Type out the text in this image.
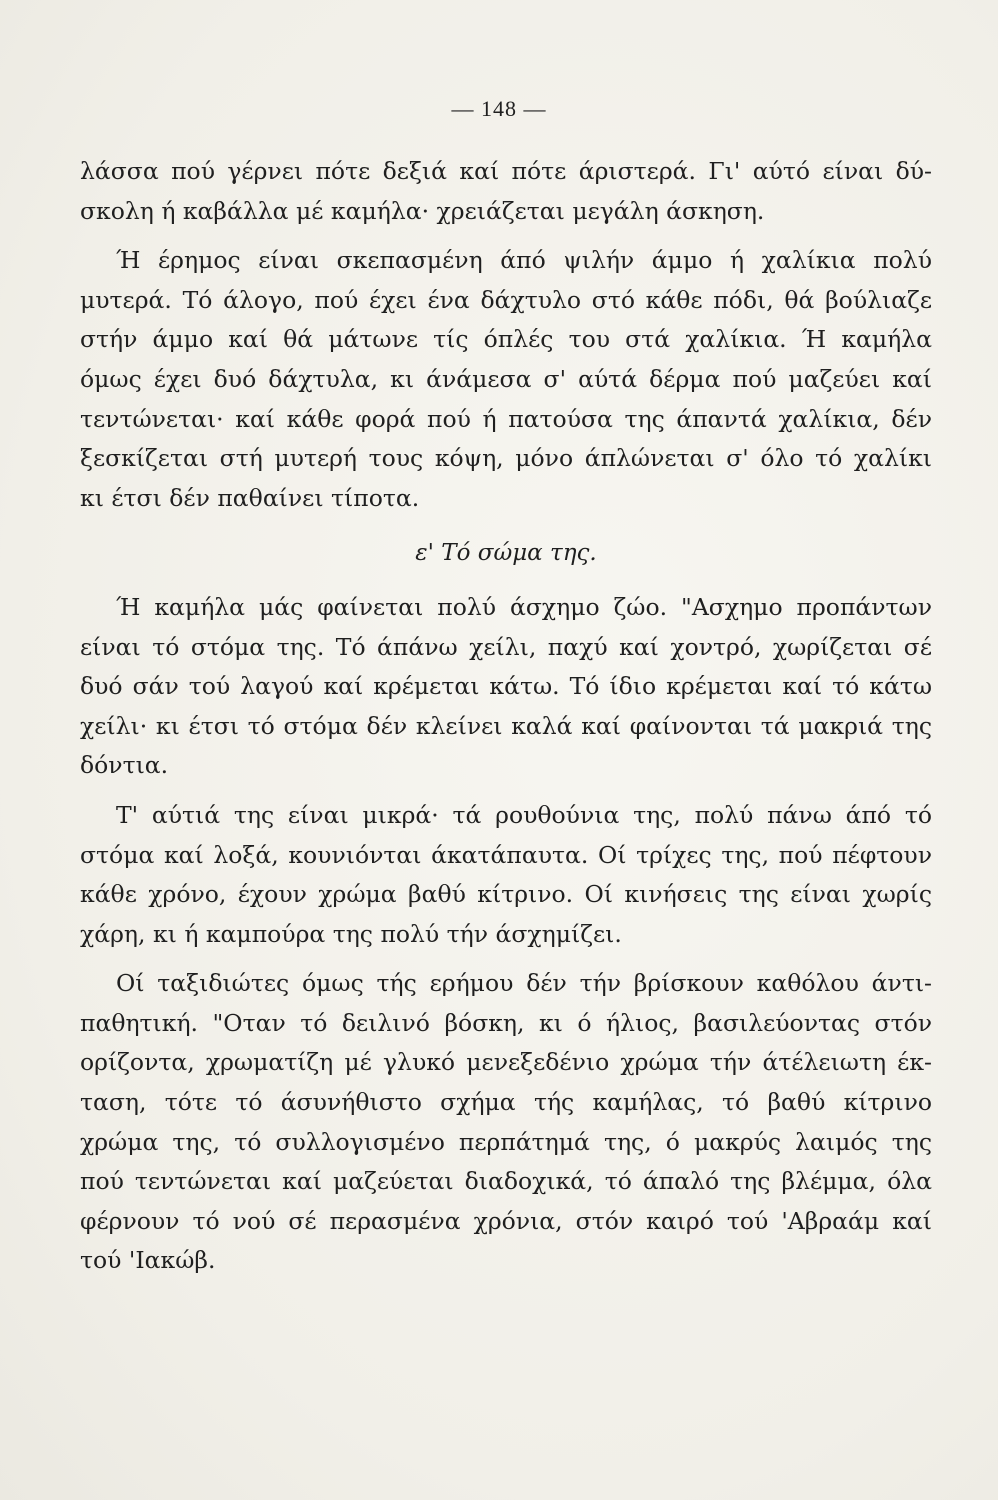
— 148 —
λάσσα πού γέρνει πότε δεξιά καί πότε άριστερά. Γι' αύτό είναι δύ-
σκολη ή καβάλλα μέ καμήλα· χρειάζεται μεγάλη άσκηση.
Ή έρημος είναι σκεπασμένη άπό ψιλήν άμμο ή χαλίκια πολύ
μυτερά. Τό άλογο, πού έχει ένα δάχτυλο στό κάθε πόδι, θά βούλιαζε
στήν άμμο καί θά μάτωνε τίς όπλές του στά χαλίκια. Ή καμήλα
όμως έχει δυό δάχτυλα, κι άνάμεσα σ' αύτά δέρμα πού μαζεύει καί
τεντώνεται· καί κάθε φορά πού ή πατούσα της άπαντά χαλίκια, δέν
ξεσκίζεται στή μυτερή τους κόψη, μόνο άπλώνεται σ' όλο τό χαλίκι
κι έτσι δέν παθαίνει τίποτα.
ε' Τό σώμα της.
Ή καμήλα μάς φαίνεται πολύ άσχημο ζώο. "Ασχημο προπάντων
είναι τό στόμα της. Τό άπάνω χείλι, παχύ καί χοντρό, χωρίζεται σέ
δυό σάν τού λαγού καί κρέμεται κάτω. Τό ίδιο κρέμεται καί τό κάτω
χείλι· κι έτσι τό στόμα δέν κλείνει καλά καί φαίνονται τά μακριά της
δόντια.
Τ' αύτιά της είναι μικρά· τά ρουθούνια της, πολύ πάνω άπό τό
στόμα καί λοξά, κουνιόνται άκατάπαυτα. Οί τρίχες της, πού πέφτουν
κάθε χρόνο, έχουν χρώμα βαθύ κίτρινο. Οί κινήσεις της είναι χωρίς
χάρη, κι ή καμπούρα της πολύ τήν άσχημίζει.
Οί ταξιδιώτες όμως τής ερήμου δέν τήν βρίσκουν καθόλου άντι-
παθητική. "Οταν τό δειλινό βόσκη, κι ό ήλιος, βασιλεύοντας στόν
ορίζοντα, χρωματίζη μέ γλυκό μενεξεδένιο χρώμα τήν άτέλειωτη έκ-
ταση, τότε τό άσυνήθιστο σχήμα τής καμήλας, τό βαθύ κίτρινο
χρώμα της, τό συλλογισμένο περπάτημά της, ό μακρύς λαιμός της
πού τεντώνεται καί μαζεύεται διαδοχικά, τό άπαλό της βλέμμα, όλα
φέρνουν τό νού σέ περασμένα χρόνια, στόν καιρό τού 'Αβραάμ καί
τού 'Ιακώβ.
